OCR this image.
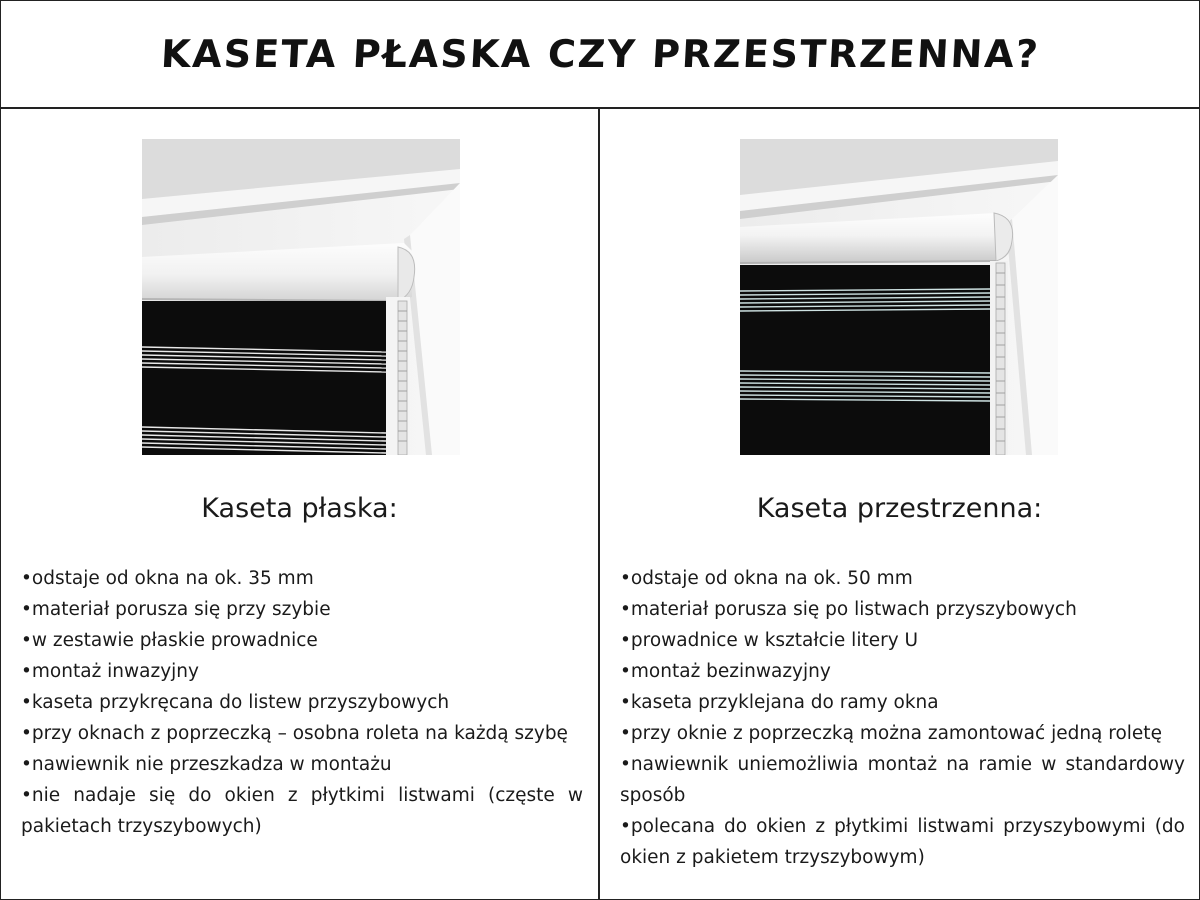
KASETA PŁASKA CZY PRZESTRZENNA?
Kaseta płaska:
•odstaje od okna na ok. 35 mm
•materiał porusza się przy szybie
•w zestawie płaskie prowadnice
•montaż inwazyjny
•kaseta przykręcana do listew przyszybowych
•przy oknach z poprzeczką – osobna roleta na każdą szybę
•nawiewnik nie przeszkadza w montażu
•nie nadaje się do okien z płytkimi listwami (częste w pakietach trzyszybowych)
Kaseta przestrzenna:
•odstaje od okna na ok. 50 mm
•materiał porusza się po listwach przyszybowych
•prowadnice w kształcie litery U
•montaż bezinwazyjny
•kaseta przyklejana do ramy okna
•przy oknie z poprzeczką można zamontować jedną roletę
•nawiewnik uniemożliwia montaż na ramie w standardowy sposób
•polecana do okien z płytkimi listwami przyszybowymi (do okien z pakietem trzyszybowym)
